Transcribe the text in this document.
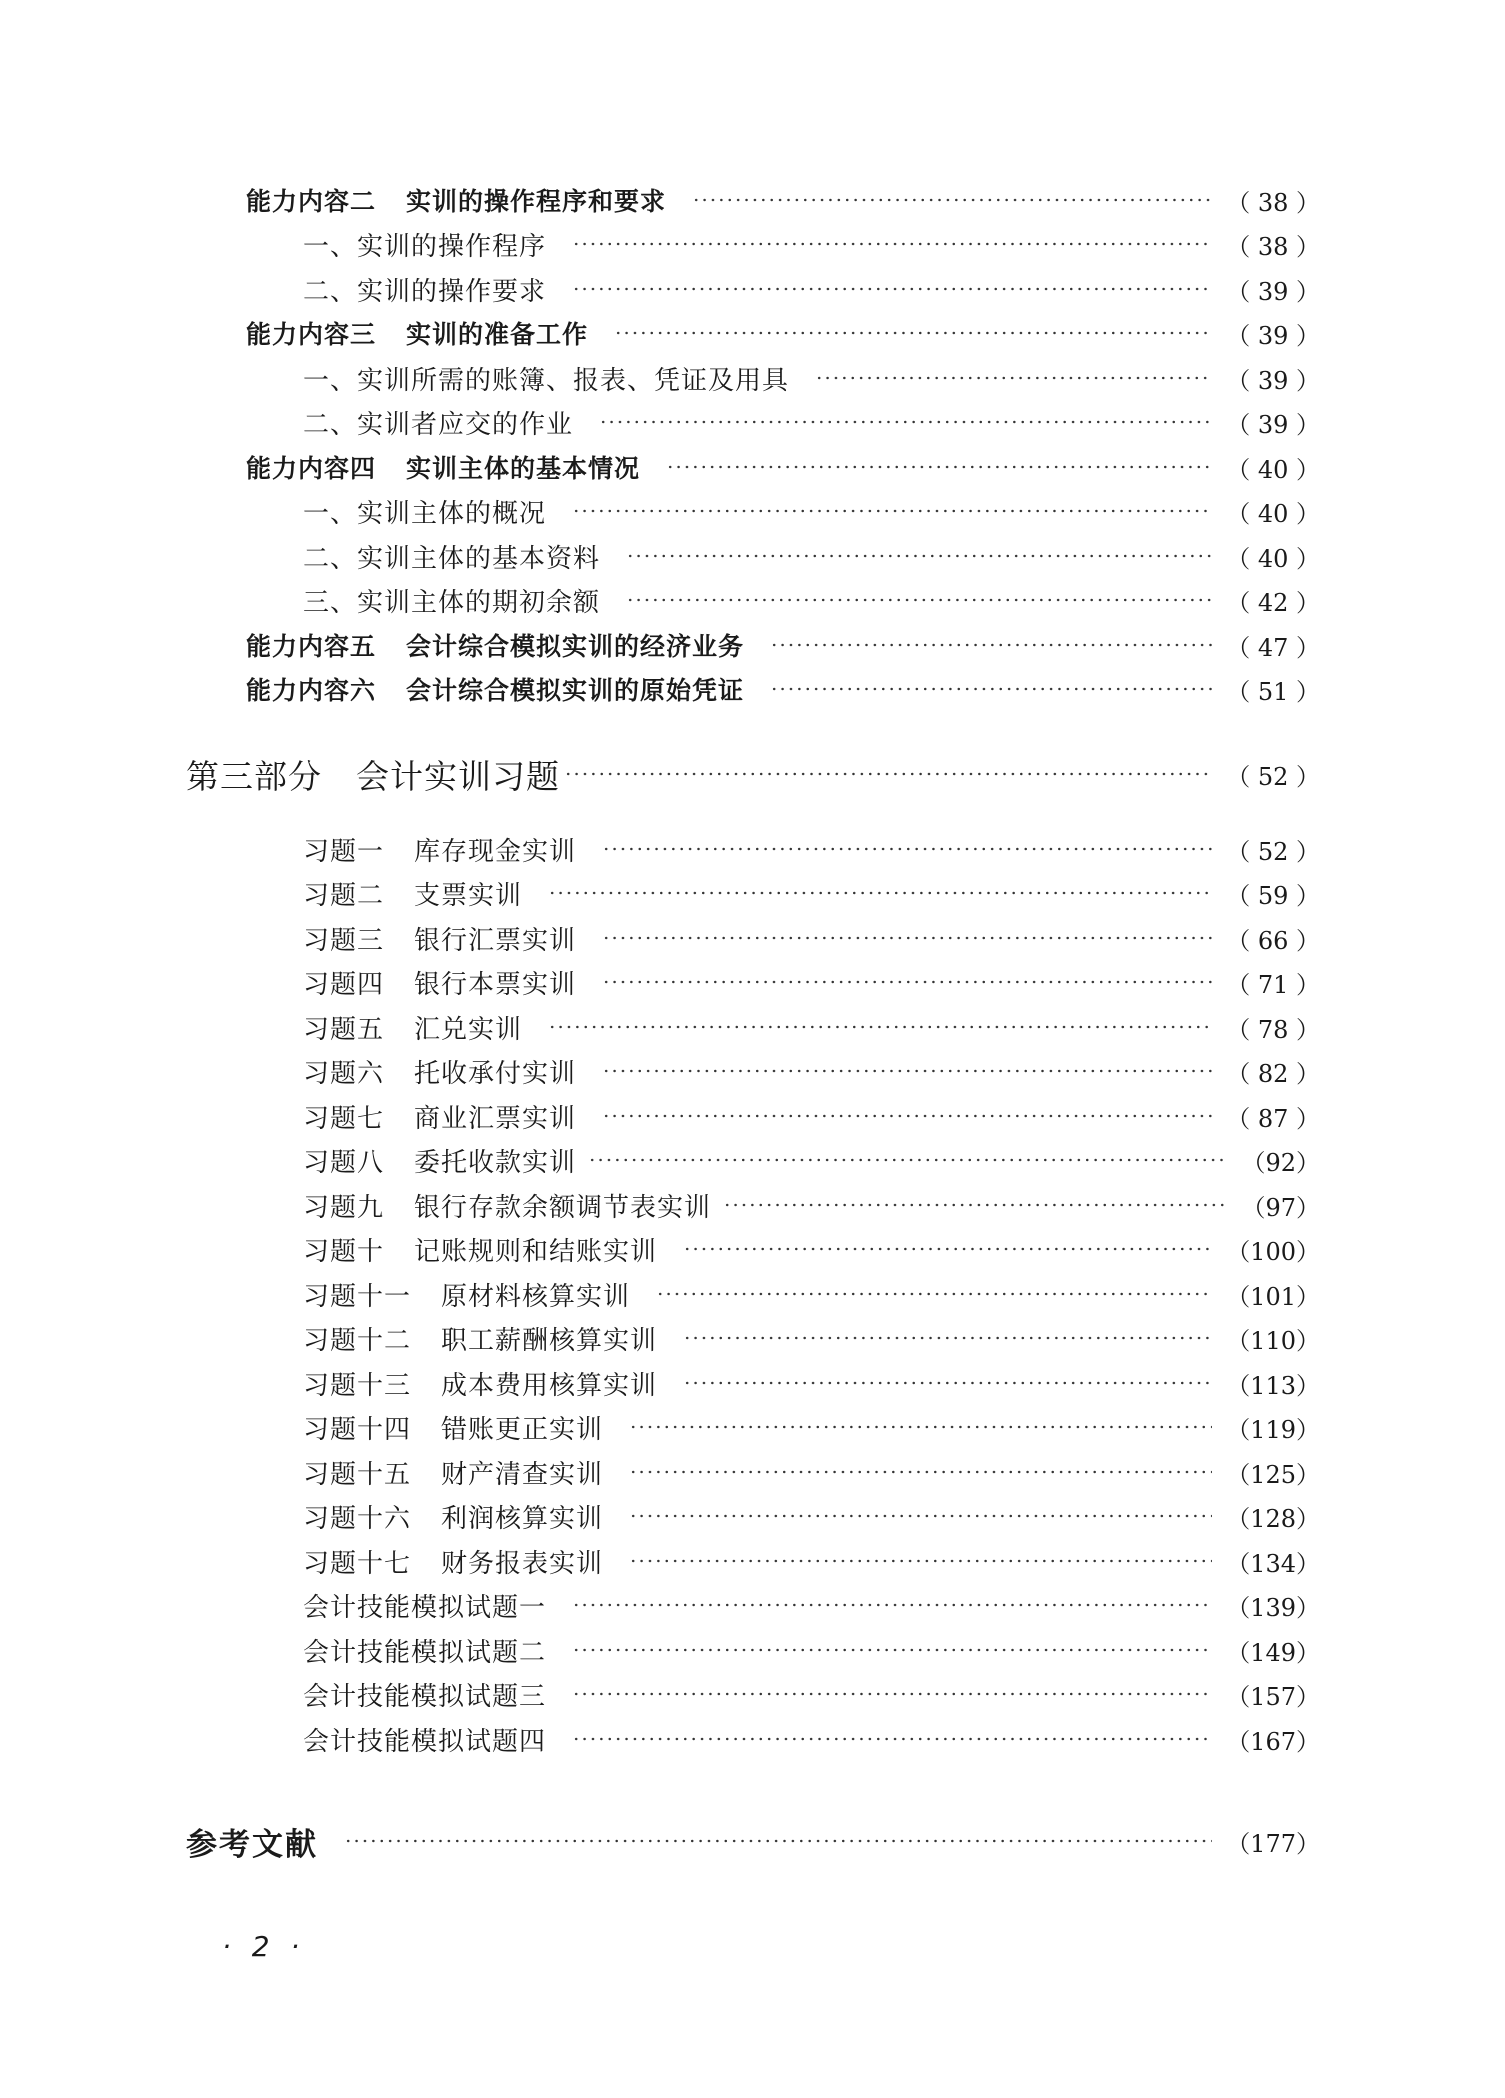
能力内容二 实训的操作程序和要求	（ 38 ）
一、实训的操作程序	（ 38 ）
二、实训的操作要求	（ 39 ）
能力内容三 实训的准备工作	（ 39 ）
一、实训所需的账簿、报表、凭证及用具	（ 39 ）
二、实训者应交的作业	（ 39 ）
能力内容四 实训主体的基本情况	（ 40 ）
一、实训主体的概况	（ 40 ）
二、实训主体的基本资料	（ 40 ）
三、实训主体的期初余额	（ 42 ）
能力内容五 会计综合模拟实训的经济业务	（ 47 ）
能力内容六 会计综合模拟实训的原始凭证	（ 51 ）
第三部分 会计实训习题	（ 52 ）
习题一 库存现金实训	（ 52 ）
习题二 支票实训	（ 59 ）
习题三 银行汇票实训	（ 66 ）
习题四 银行本票实训	（ 71 ）
习题五 汇兑实训	（ 78 ）
习题六 托收承付实训	（ 82 ）
习题七 商业汇票实训	（ 87 ）
习题八 委托收款实训	（92）
习题九 银行存款余额调节表实训	（97）
习题十 记账规则和结账实训	（100）
习题十一 原材料核算实训	（101）
习题十二 职工薪酬核算实训	（110）
习题十三 成本费用核算实训	（113）
习题十四 错账更正实训	（119）
习题十五 财产清查实训	（125）
习题十六 利润核算实训	（128）
习题十七 财务报表实训	（134）
会计技能模拟试题一	（139）
会计技能模拟试题二	（149）
会计技能模拟试题三	（157）
会计技能模拟试题四	（167）
参考文献	（177）
· 2 ·
